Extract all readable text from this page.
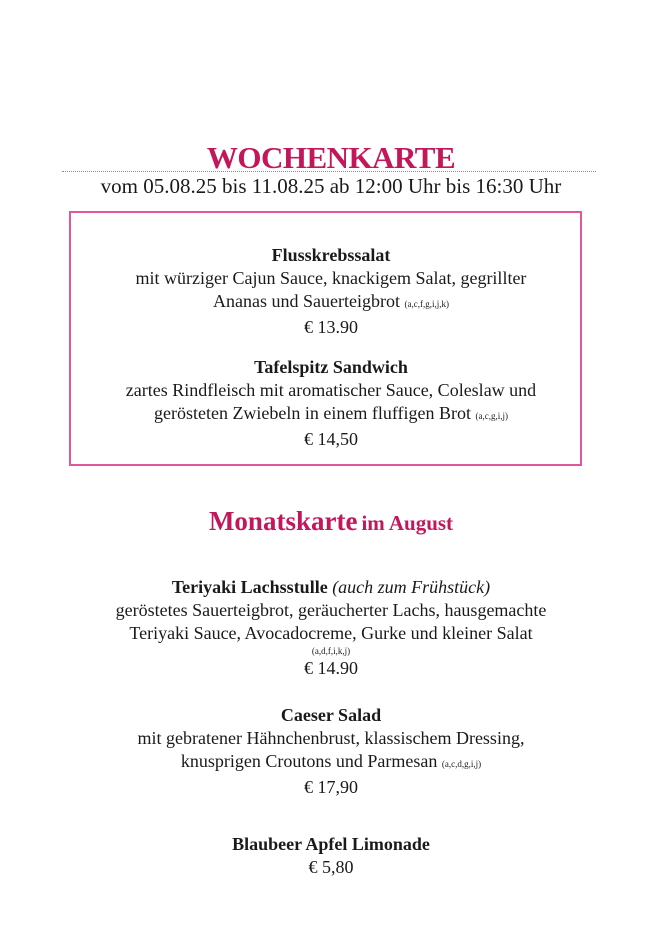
WOCHENKARTE
vom 05.08.25 bis 11.08.25 ab 12:00 Uhr bis 16:30 Uhr
Flusskrebssalat
mit würziger Cajun Sauce, knackigem Salat, gegrillter
Ananas und Sauerteigbrot (a,c,f,g,i,j,k)
€ 13.90
Tafelspitz Sandwich
zartes Rindfleisch mit aromatischer Sauce, Coleslaw und
gerösteten Zwiebeln in einem fluffigen Brot (a,c,g,i,j)
€ 14,50
Monatskarte im August
Teriyaki Lachsstulle (auch zum Frühstück)
geröstetes Sauerteigbrot, geräucherter Lachs, hausgemachte
Teriyaki Sauce, Avocadocreme, Gurke und kleiner Salat
(a,d,f,i,k,j)
€ 14.90
Caeser Salad
mit gebratener Hähnchenbrust, klassischem Dressing,
knusprigen Croutons und Parmesan (a,c,d,g,i,j)
€ 17,90
Blaubeer Apfel Limonade
€ 5,80
